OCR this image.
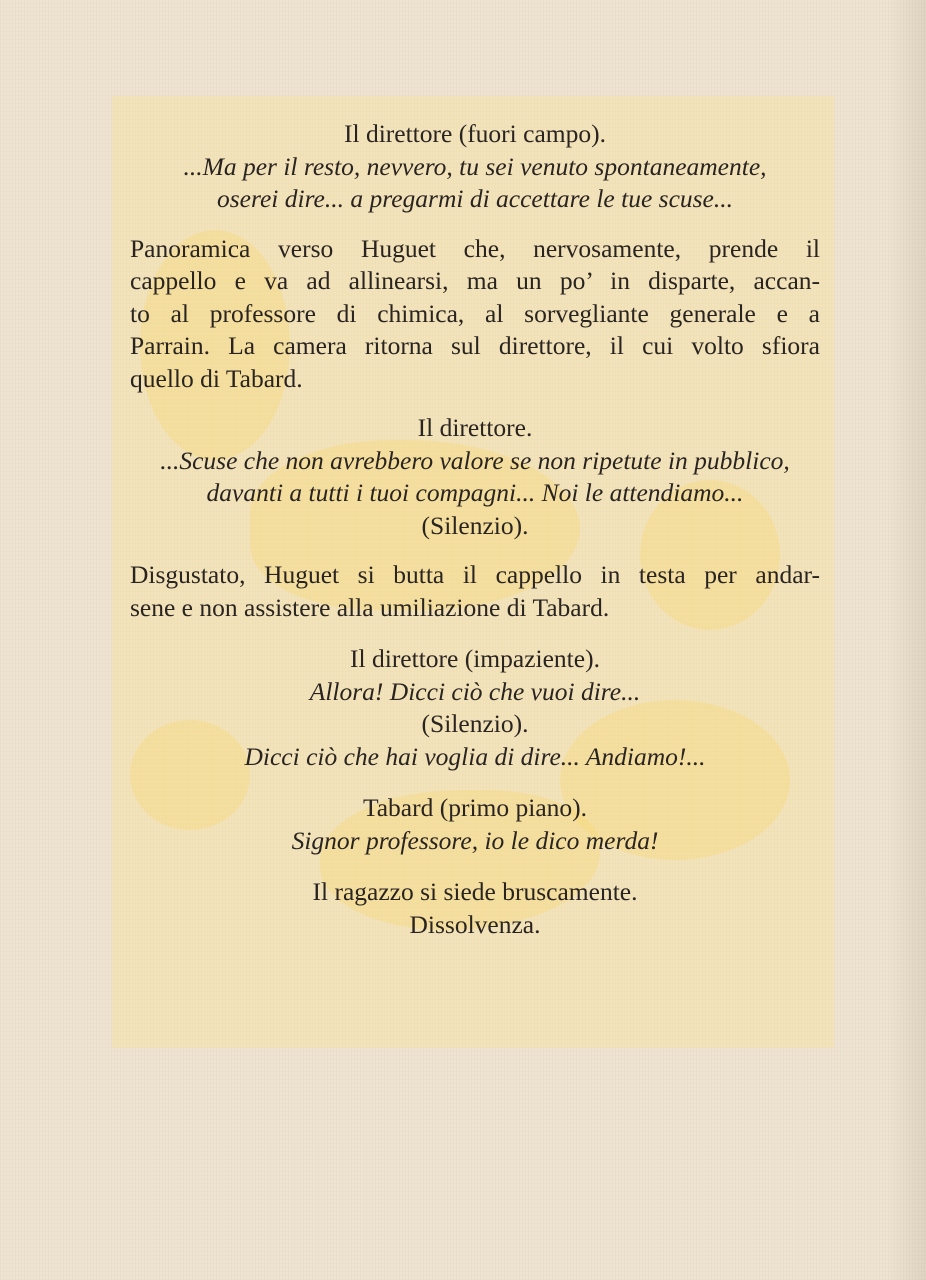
Il direttore (fuori campo).

...Ma per il resto, nevvero, tu sei venuto spontaneamente,

oserei dire... a pregarmi di accettare le tue scuse...

Panoramica verso Huguet che, nervosamente, prende il
cappello e va ad allinearsi, ma un po’ in disparte, accan-
to al professore di chimica, al sorvegliante generale e a
Parrain. La camera ritorna sul direttore, il cui volto sfiora
quello di Tabard.

Il direttore.

...Scuse che non avrebbero valore se non ripetute in pubblico,

davanti a tutti i tuoi compagni... Noi le attendiamo...

(Silenzio).

Disgustato, Huguet si butta il cappello in testa per andar-
sene e non assistere alla umiliazione di Tabard.

Il direttore (impaziente).

Allora! Dicci ciò che vuoi dire...

(Silenzio).

Dicci ciò che hai voglia di dire... Andiamo!...

Tabard (primo piano).

Signor professore, io le dico merda!

Il ragazzo si siede bruscamente.

Dissolvenza.
